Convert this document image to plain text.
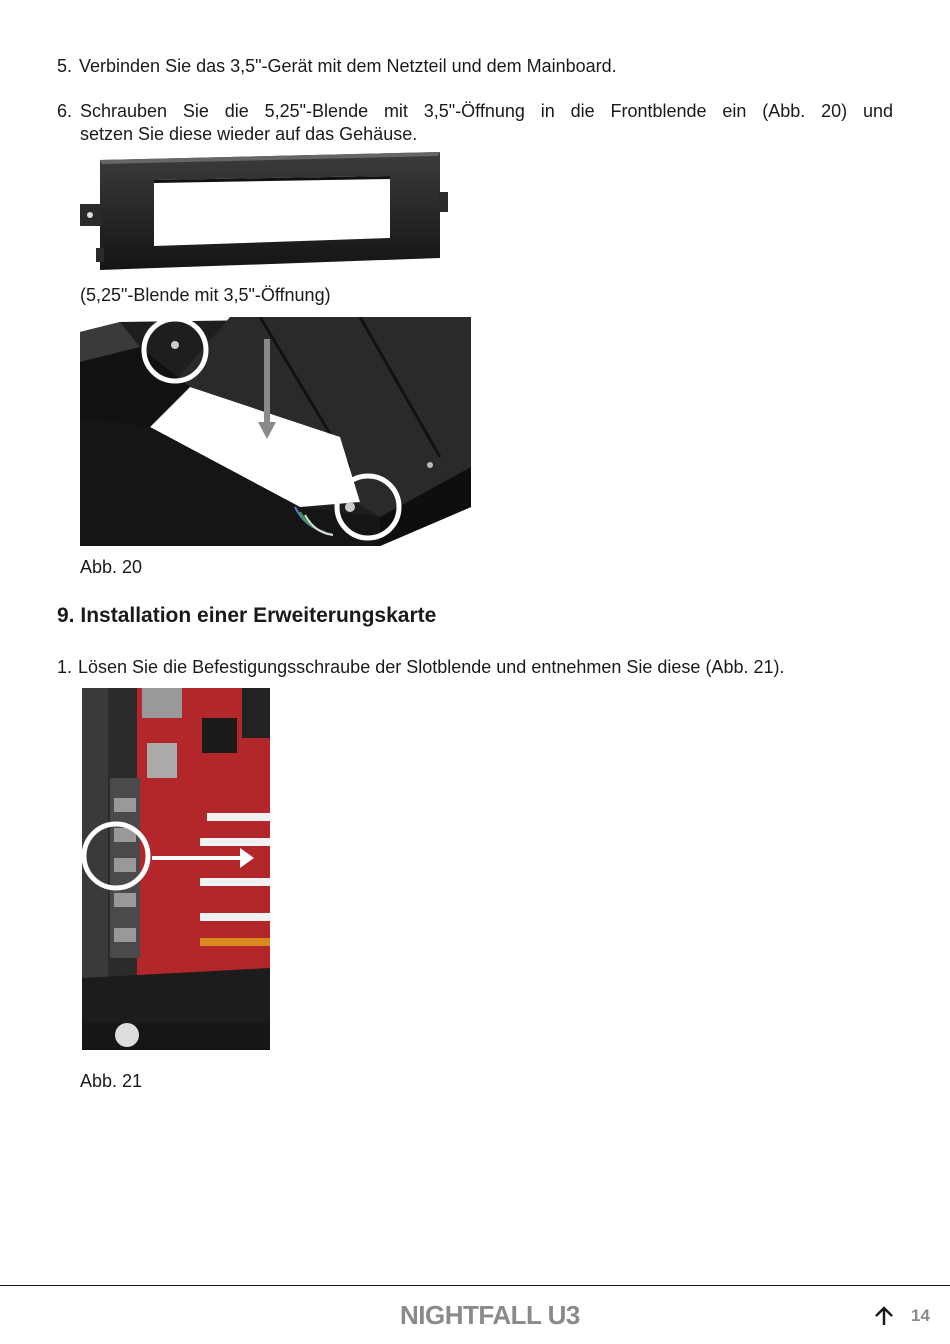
5. Verbinden Sie das 3,5"-Gerät mit dem Netzteil und dem Mainboard.
6. Schrauben Sie die 5,25"-Blende mit 3,5"-Öffnung in die Frontblende ein (Abb. 20) und
setzen Sie diese wieder auf das Gehäuse.
(5,25"-Blende mit 3,5"-Öffnung)
Abb. 20
9. Installation einer Erweiterungskarte
1. Lösen Sie die Befestigungsschraube der Slotblende und entnehmen Sie diese (Abb. 21).
Abb. 21
NIGHTFALL U3	14
